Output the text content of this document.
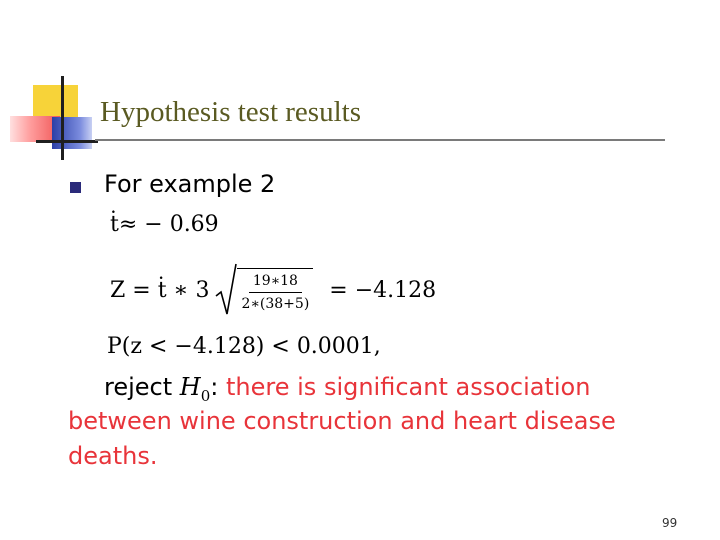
Hypothesis test results
For example 2
ṫ≈ − 0.69
Z = ṫ ∗ $3 \frac{19∗18}{2∗(38+5)} = -4.128$
P(z < −4.128) < 0.0001,
reject $H_0$: there is significant association
between wine construction and heart disease
deaths.
99
